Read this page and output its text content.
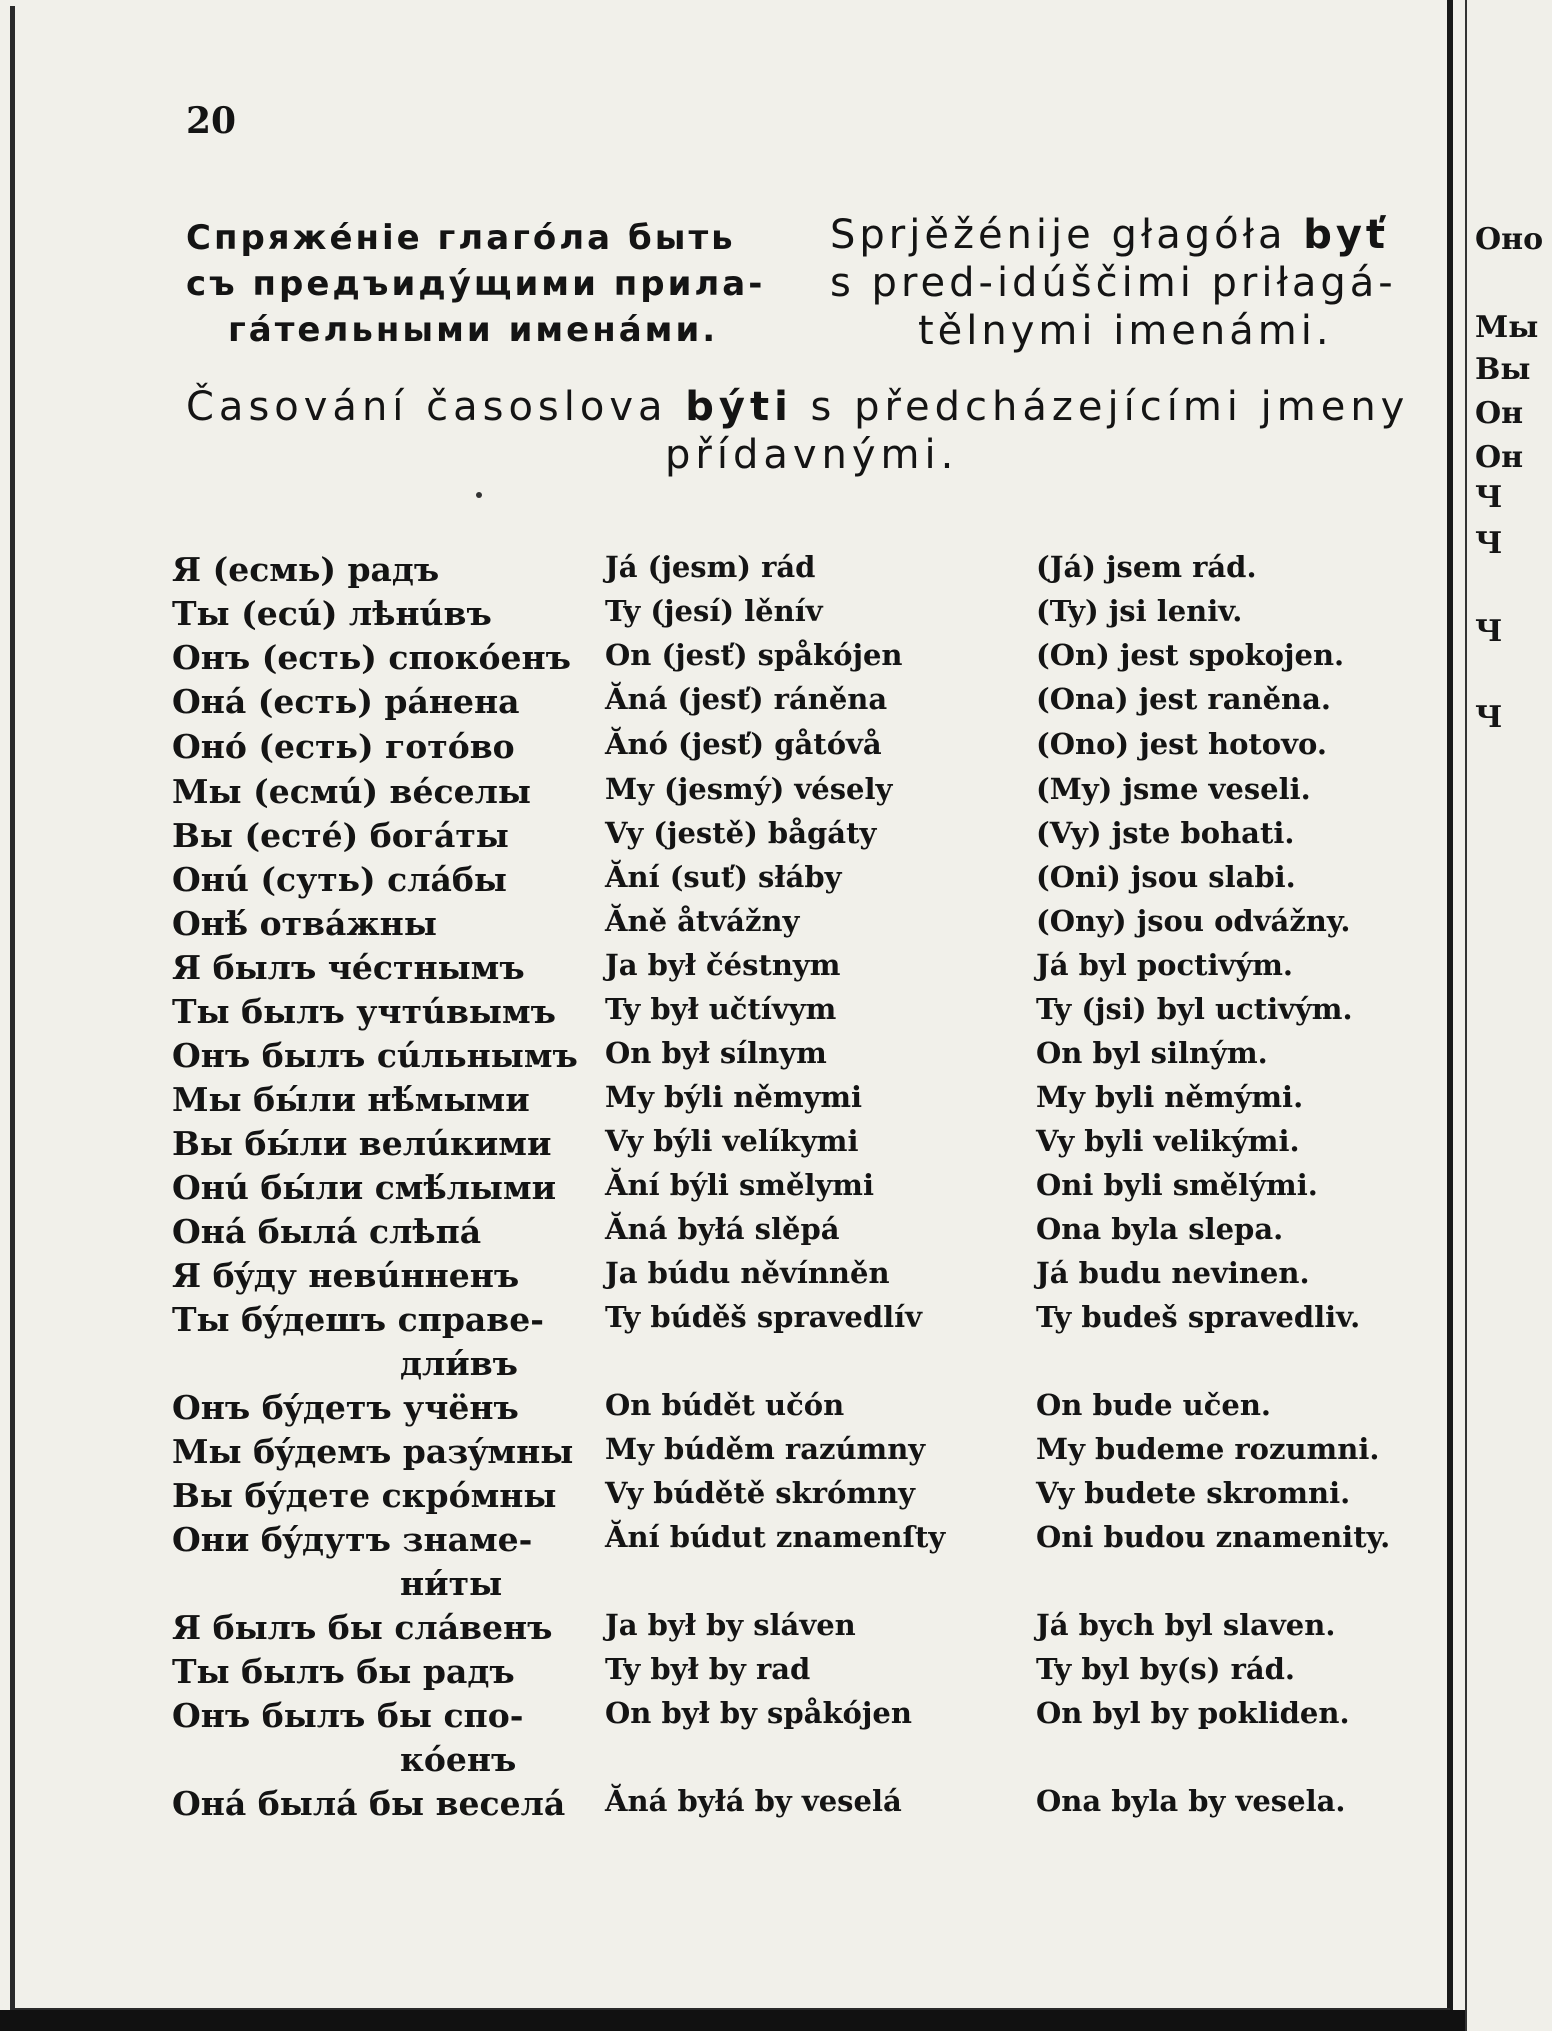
20
Спряжéніе глагóла быть
съ предъидýщими прила-
гáтельными именáми.
Sprjěžénije głagóła byť
s pred-idúščimi priłagá-
tělnymi imenámi.
Časování časoslova býti s předcházejícími jmeny
přídavnými.
Я (есмь) радъ	Já (jesm) rád	(Já) jsem rád.
Ты (есú) лѣнúвъ	Ty (jesí) lěnív	(Ty) jsi leniv.
Онъ (есть) спокóенъ On (jesť) spåkójen	(On) jest spokojen.
Онá (есть) рáнена	Ăná (jesť) ráněna	(Ona) jest raněna.
Оно́ (есть) готóво	Ănó (jesť) gåtóvå	(Ono) jest hotovo.
Мы (есмú) вéселы	My (jesmý) vésely	(My) jsme veseli.
Вы (естé) богáты	Vy (jestě) bågáty	(Vy) jste bohati.
Онú (суть) слáбы	Ăní (suť) słáby	(Oni) jsou slabi.
Онѣ́ отвáжны	Ăně åtvážny	(Ony) jsou odvážny.
Я былъ чéстнымъ	Ja był čéstnym	Já byl poctivým.
Ты былъ учтúвымъ Ty był učtívym	Ty (jsi) byl uctivým.
Онъ былъ сúльнымъ On był sílnym	On byl silným.
Мы бы́ли нѣ́мыми	My býli němymi	My byli němými.
Вы бы́ли велúкими Vy býli velíkymi	Vy byli velikými.
Онú бы́ли смѣ́лыми Ăní býli smělymi	Oni byli smělými.
Онá былá слѣпá	Ăná byłá slěpá	Ona byla slepa.
Я бýду невúнненъ	Ja búdu něvínněn	Já budu nevinen.
Ты бýдешъ справе-
дли́въ
Ty búděš spravedlív	Ty budeš spravedliv.
Онъ бýдетъ учёнъ	On búdět učón	On bude učen.
Мы бýдемъ разýмны My búděm razúmny	My budeme rozumni.
Вы бýдете скрóмны Vy búdětě skrómny	Vy budete skromni.
Они бýдутъ знаме-
ни́ты
Ăní búdut znamenſty	Oni budou znamenity.
Я былъ бы слáвенъ Ja był by sláven	Já bych byl slaven.
Ты былъ бы радъ	Ty był by rad	Ty byl by(s) rád.
Онъ былъ бы спо-
кóенъ
On był by spåkójen	On byl by pokliden.
Онá былá бы веселá Ăná byłá by veselá	Ona byla by vesela.
Оно
Мы
Вы
Он
Он
Ч
Ч
Ч
Ч
